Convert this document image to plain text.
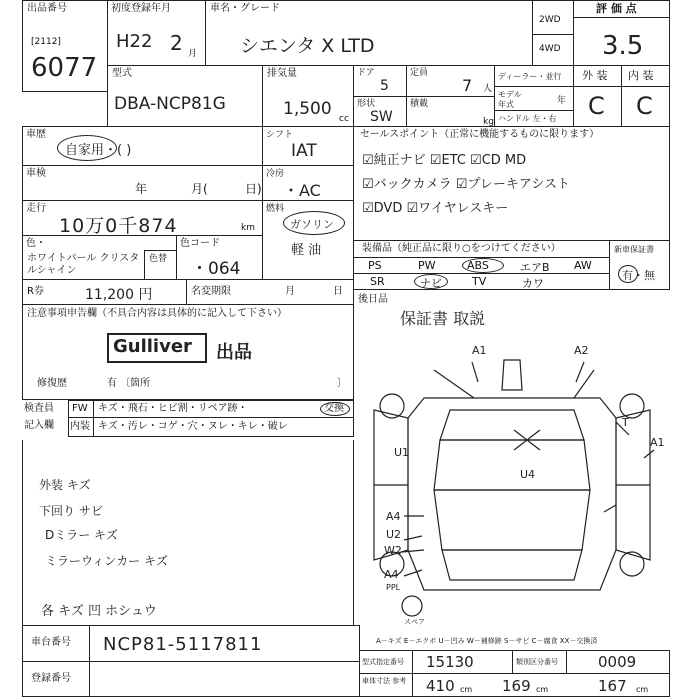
出品番号
[2112]
6077
初度登録年月
H22 2 月
車名・グレード
シエンタ X LTD
2WD
4WD
評 価 点
3.5
型式
DBA-NCP81G
排気量
1,500 cc
ドア
5
定員
7 人
形状
SW
積載
kg
ディーラー・並行
モデル年式	年
ハンドル 左・右
外 装 内 装
C C
車歴
自家用・( )
車検
年	月(	日)
走行
10万0千874	km
色・
ホワイトパール クリスタルシャイン
色替
色コード
・064
シフト
IAT
冷房
・AC
燃料
ガソリン
軽 油
セールスポイント（正常に機能するものに限ります）
☑純正ナビ ☑ETC ☑CD MD
☑バックカメラ ☑プレーキアシスト
☑DVD ☑ワイヤレスキー
装備品（純正品に限り○をつけてください）
PS	PW	ABS	エアB AW
SR	ナビ	TV	カワ
新車保証書
有・無
R券	11,200 円	名変期限	月	日
後日品
保証書 取説
注意事項申告欄（不具合内容は具体的に記入して下さい）
Gulliver 出品
修復歴	有 〔箇所	〕
検査員
記入欄
FW キズ・飛石・ヒビ割・リペア跡・	交換
内装 キズ・汚レ・コゲ・穴・ヌレ・キレ・破レ
外装 キズ
下回り サビ
Dミラー キズ
ミラーウィンカー キズ
各 キズ 凹 ホシュウ
A1	A2
T
A1
U1
U4
A4
U2
W2
A4
PPL
スペア
A－キズ E－エクボ U－凹み W－補修跡 S－サビ C－腐食 XX－交換済
車台番号 NCP81-5117811
登録番号
型式指定番号 15130	類別区分番号	0009
車体寸法 参考 410 cm 169 cm	167 cm
